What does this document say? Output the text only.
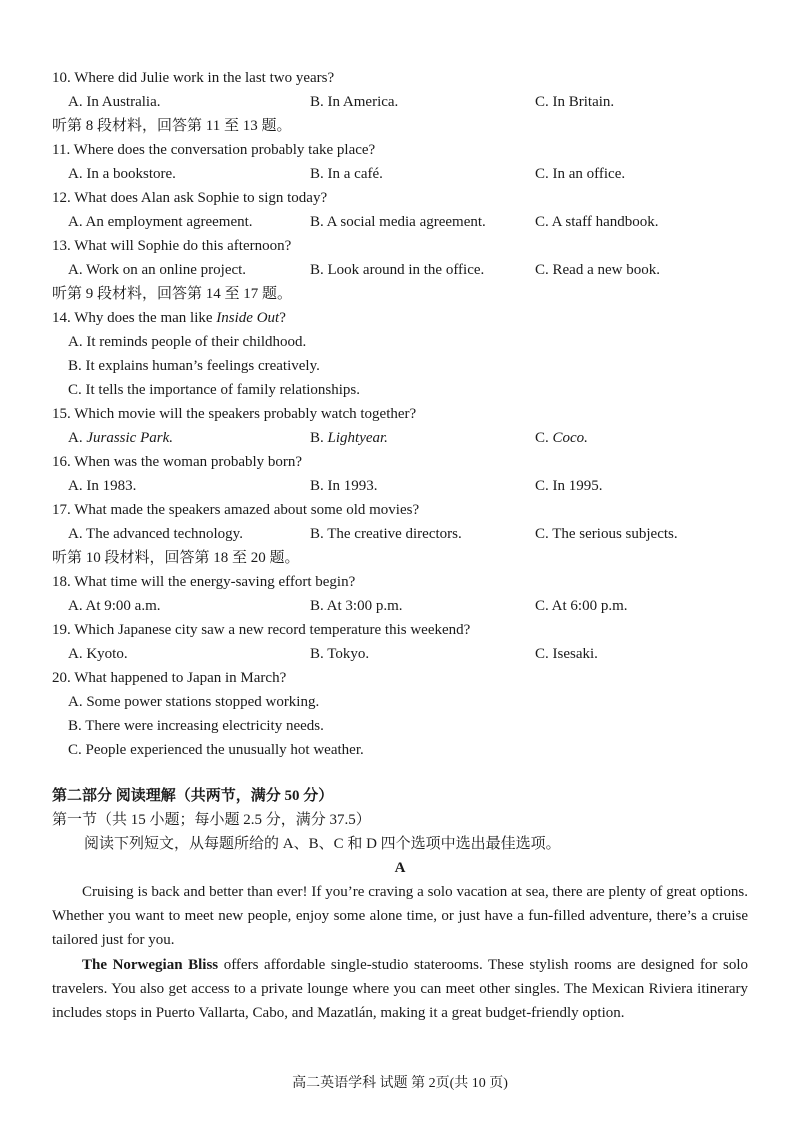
10. Where did Julie work in the last two years?
A. In Australia.	B. In America.	C. In Britain.
听第 8 段材料，回答第 11 至 13 题。
11. Where does the conversation probably take place?
A. In a bookstore.	B. In a café.	C. In an office.
12. What does Alan ask Sophie to sign today?
A. An employment agreement.	B. A social media agreement.	C. A staff handbook.
13. What will Sophie do this afternoon?
A. Work on an online project.	B. Look around in the office.	C. Read a new book.
听第 9 段材料，回答第 14 至 17 题。
14. Why does the man like Inside Out?
A. It reminds people of their childhood.
B. It explains human’s feelings creatively.
C. It tells the importance of family relationships.
15. Which movie will the speakers probably watch together?
A. Jurassic Park.	B. Lightyear.	C. Coco.
16. When was the woman probably born?
A. In 1983.	B. In 1993.	C. In 1995.
17. What made the speakers amazed about some old movies?
A. The advanced technology.	B. The creative directors.	C. The serious subjects.
听第 10 段材料，回答第 18 至 20 题。
18. What time will the energy-saving effort begin?
A. At 9:00 a.m.	B. At 3:00 p.m.	C. At 6:00 p.m.
19. Which Japanese city saw a new record temperature this weekend?
A. Kyoto.	B. Tokyo.	C. Isesaki.
20. What happened to Japan in March?
A. Some power stations stopped working.
B. There were increasing electricity needs.
C. People experienced the unusually hot weather.
第二部分 阅读理解（共两节，满分 50 分）
第一节（共 15 小题；每小题 2.5 分，满分 37.5）
阅读下列短文，从每题所给的 A、B、C 和 D 四个选项中选出最佳选项。
A
Cruising is back and better than ever! If you’re craving a solo vacation at sea, there are plenty of great options. Whether you want to meet new people, enjoy some alone time, or just have a fun-filled adventure, there’s a cruise tailored just for you.
The Norwegian Bliss offers affordable single-studio staterooms. These stylish rooms are designed for solo travelers. You also get access to a private lounge where you can meet other singles. The Mexican Riviera itinerary includes stops in Puerto Vallarta, Cabo, and Mazatlán, making it a great budget-friendly option.
高二英语学科 试题 第 2页(共 10 页)
